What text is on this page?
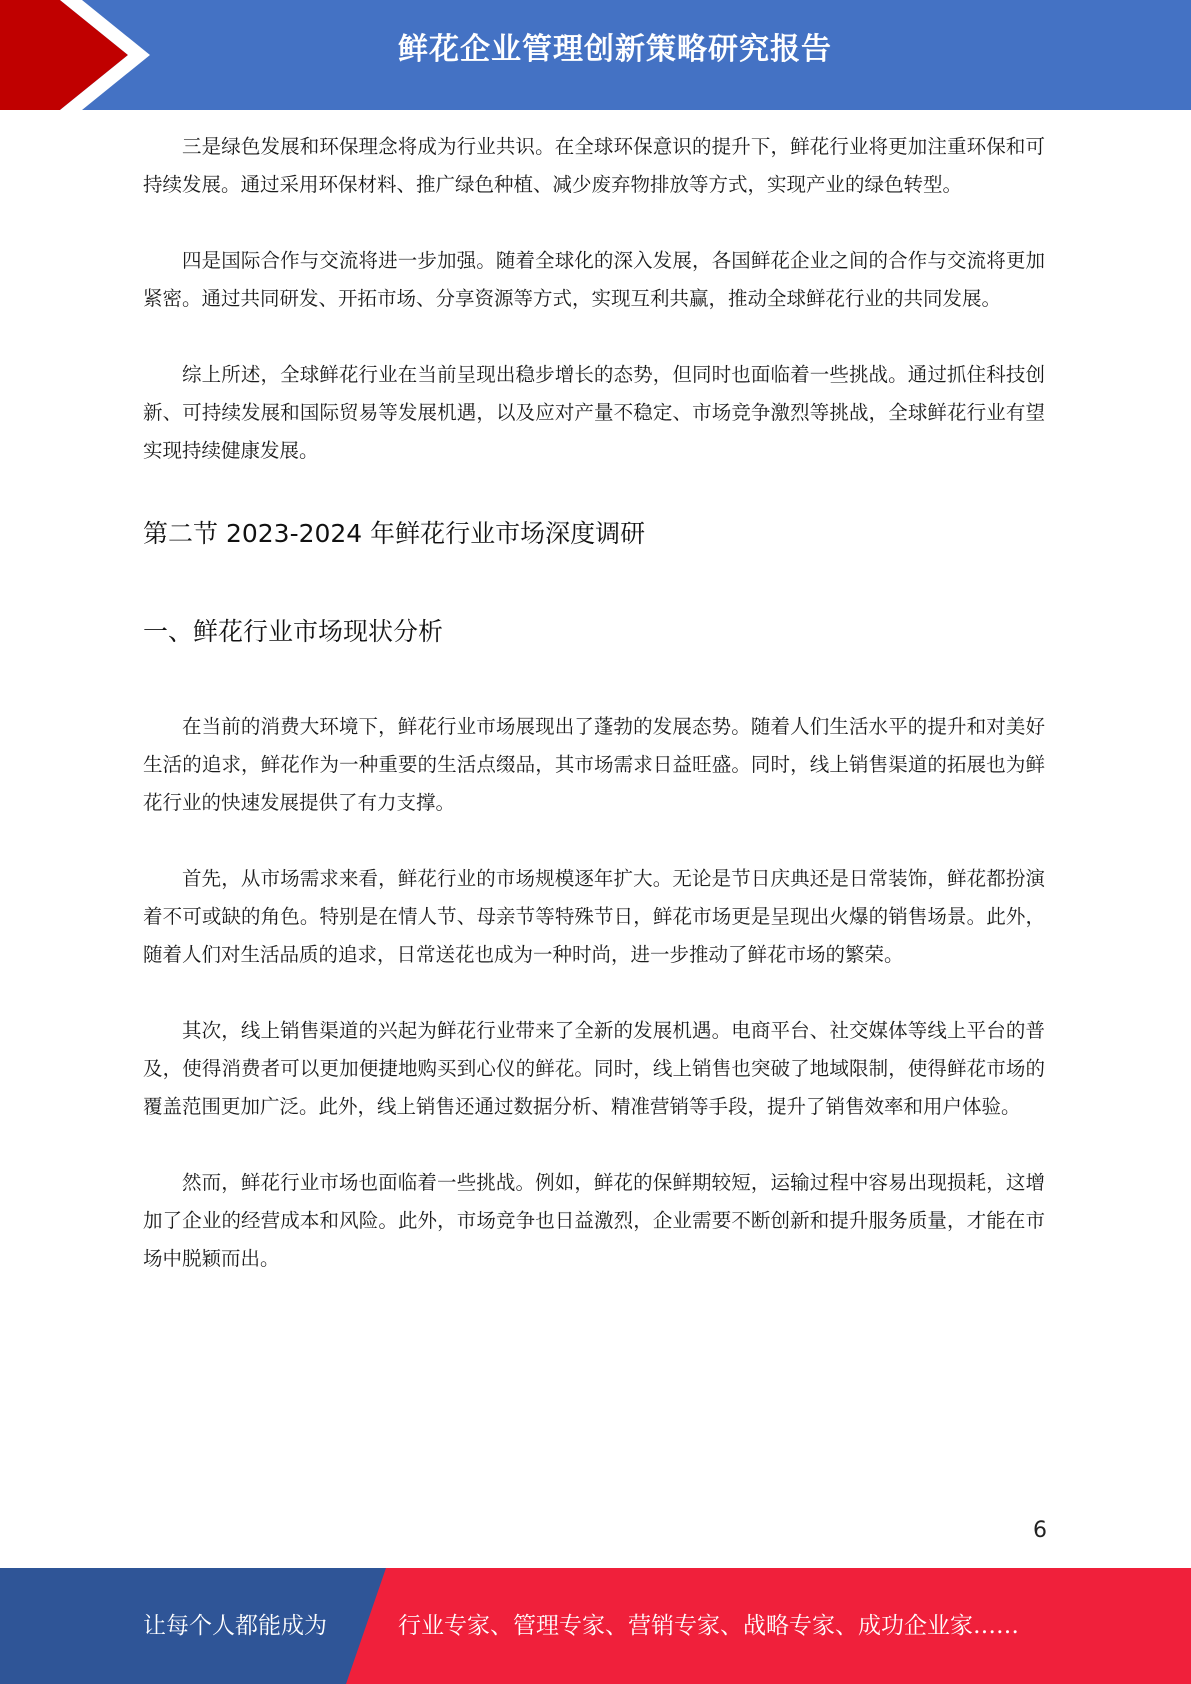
鲜花企业管理创新策略研究报告

三是绿色发展和环保理念将成为行业共识。在全球环保意识的提升下，鲜花行业将更加注重环保和可持续发展。通过采用环保材料、推广绿色种植、减少废弃物排放等方式，实现产业的绿色转型。

四是国际合作与交流将进一步加强。随着全球化的深入发展，各国鲜花企业之间的合作与交流将更加紧密。通过共同研发、开拓市场、分享资源等方式，实现互利共赢，推动全球鲜花行业的共同发展。

综上所述，全球鲜花行业在当前呈现出稳步增长的态势，但同时也面临着一些挑战。通过抓住科技创新、可持续发展和国际贸易等发展机遇，以及应对产量不稳定、市场竞争激烈等挑战，全球鲜花行业有望实现持续健康发展。

第二节 2023-2024 年鲜花行业市场深度调研
一、鲜花行业市场现状分析

在当前的消费大环境下，鲜花行业市场展现出了蓬勃的发展态势。随着人们生活水平的提升和对美好生活的追求，鲜花作为一种重要的生活点缀品，其市场需求日益旺盛。同时，线上销售渠道的拓展也为鲜花行业的快速发展提供了有力支撑。

首先，从市场需求来看，鲜花行业的市场规模逐年扩大。无论是节日庆典还是日常装饰，鲜花都扮演着不可或缺的角色。特别是在情人节、母亲节等特殊节日，鲜花市场更是呈现出火爆的销售场景。此外，随着人们对生活品质的追求，日常送花也成为一种时尚，进一步推动了鲜花市场的繁荣。

其次，线上销售渠道的兴起为鲜花行业带来了全新的发展机遇。电商平台、社交媒体等线上平台的普及，使得消费者可以更加便捷地购买到心仪的鲜花。同时，线上销售也突破了地域限制，使得鲜花市场的覆盖范围更加广泛。此外，线上销售还通过数据分析、精准营销等手段，提升了销售效率和用户体验。

然而，鲜花行业市场也面临着一些挑战。例如，鲜花的保鲜期较短，运输过程中容易出现损耗，这增加了企业的经营成本和风险。此外，市场竞争也日益激烈，企业需要不断创新和提升服务质量，才能在市场中脱颖而出。

6
让每个人都能成为	行业专家、管理专家、营销专家、战略专家、成功企业家……
